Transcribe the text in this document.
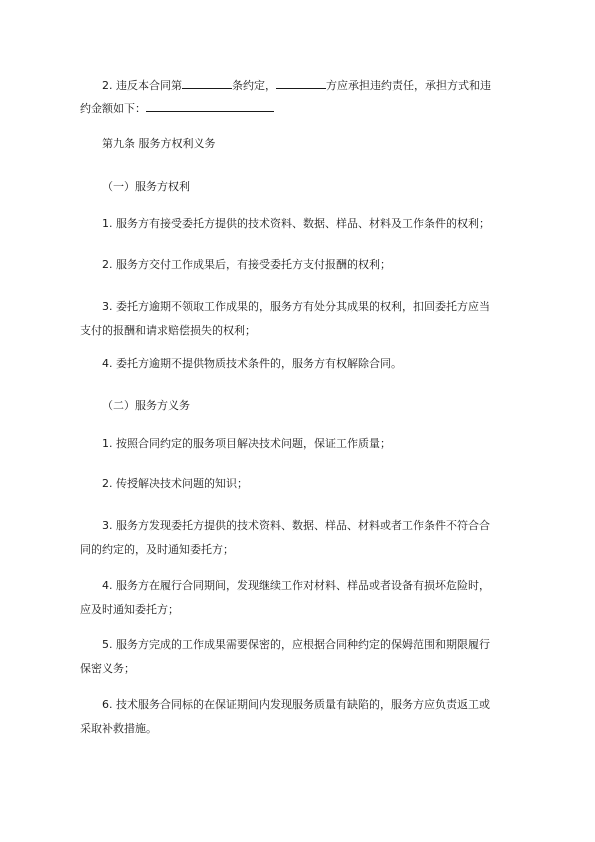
2. 违反本合同第	条约定，	方应承担违约责任，承担方式和违
约金额如下：
第九条 服务方权利义务
（一）服务方权利
1. 服务方有接受委托方提供的技术资料、数据、样品、材料及工作条件的权利；
2. 服务方交付工作成果后，有接受委托方支付报酬的权利；
3. 委托方逾期不领取工作成果的，服务方有处分其成果的权利，扣回委托方应当
支付的报酬和请求赔偿损失的权利；
4. 委托方逾期不提供物质技术条件的，服务方有权解除合同。
（二）服务方义务
1. 按照合同约定的服务项目解决技术问题，保证工作质量；
2. 传授解决技术问题的知识；
3. 服务方发现委托方提供的技术资料、数据、样品、材料或者工作条件不符合合
同的约定的，及时通知委托方；
4. 服务方在履行合同期间，发现继续工作对材料、样品或者设备有损坏危险时，
应及时通知委托方；
5. 服务方完成的工作成果需要保密的，应根据合同种约定的保姆范围和期限履行
保密义务；
6. 技术服务合同标的在保证期间内发现服务质量有缺陷的，服务方应负责返工或
采取补救措施。
